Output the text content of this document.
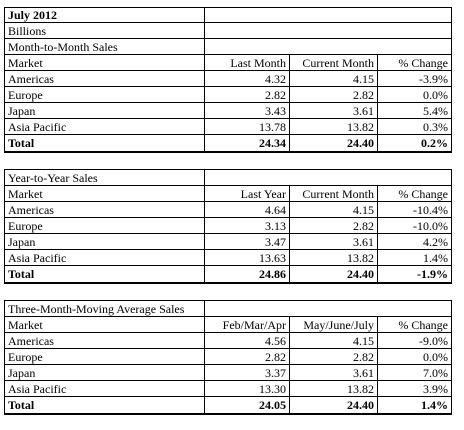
July 2012			
Billions			
Month-to-Month Sales			
Market	Last Month	Current Month	% Change
Americas	4.32	4.15	-3.9%
Europe	2.82	2.82	0.0%
Japan	3.43	3.61	5.4%
Asia Pacific	13.78	13.82	0.3%
Total	24.34	24.40	0.2%

Year-to-Year Sales			
Market	Last Year	Current Month	% Change
Americas	4.64	4.15	-10.4%
Europe	3.13	2.82	-10.0%
Japan	3.47	3.61	4.2%
Asia Pacific	13.63	13.82	1.4%
Total	24.86	24.40	-1.9%

Three-Month-Moving Average Sales			
Market	Feb/Mar/Apr	May/June/July	% Change
Americas	4.56	4.15	-9.0%
Europe	2.82	2.82	0.0%
Japan	3.37	3.61	7.0%
Asia Pacific	13.30	13.82	3.9%
Total	24.05	24.40	1.4%
